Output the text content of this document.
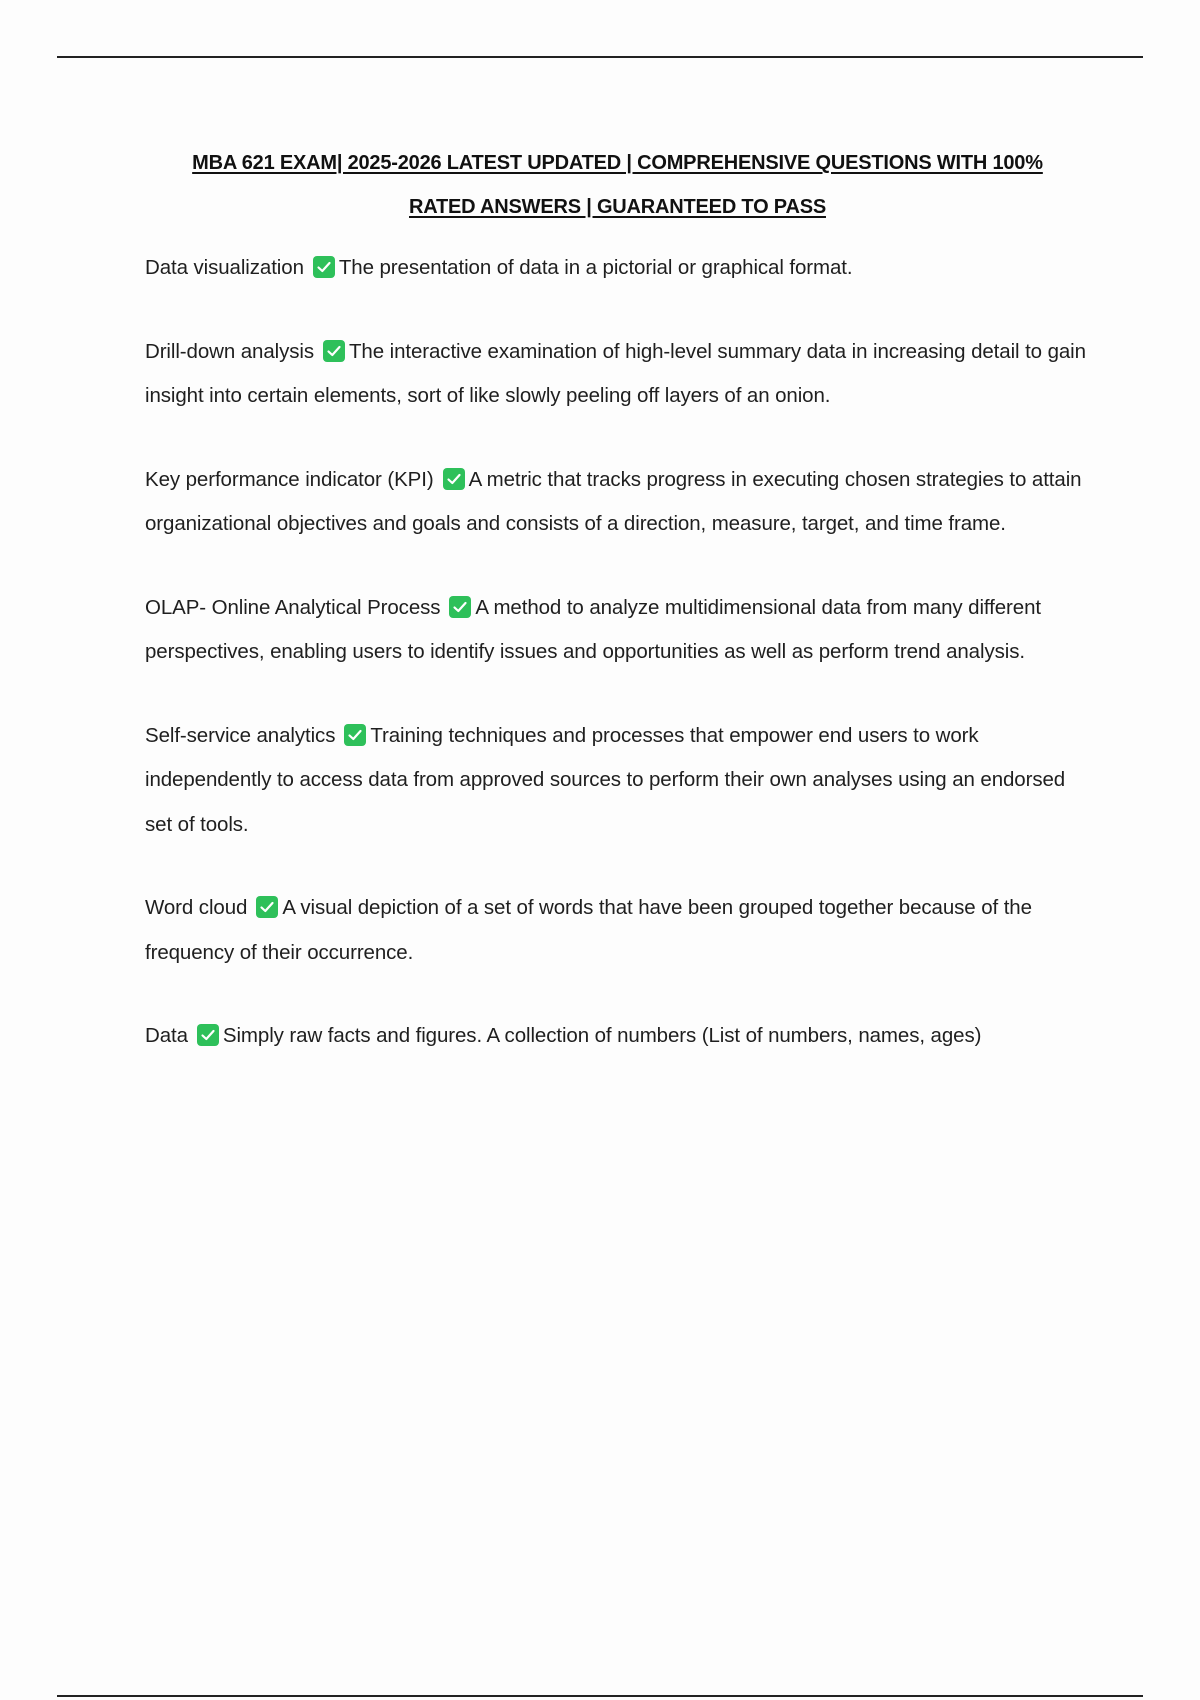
MBA 621 EXAM| 2025-2026 LATEST UPDATED | COMPREHENSIVE QUESTIONS WITH 100%
RATED ANSWERS | GUARANTEED TO PASS
Data visualization The presentation of data in a pictorial or graphical format.
Drill-down analysis The interactive examination of high-level summary data in increasing detail to gain insight into certain elements, sort of like slowly peeling off layers of an onion.
Key performance indicator (KPI) A metric that tracks progress in executing chosen strategies to attain organizational objectives and goals and consists of a direction, measure, target, and time frame.
OLAP- Online Analytical Process A method to analyze multidimensional data from many different perspectives, enabling users to identify issues and opportunities as well as perform trend analysis.
Self-service analytics Training techniques and processes that empower end users to work independently to access data from approved sources to perform their own analyses using an endorsed set of tools.
Word cloud A visual depiction of a set of words that have been grouped together because of the frequency of their occurrence.
Data Simply raw facts and figures. A collection of numbers (List of numbers, names, ages)
